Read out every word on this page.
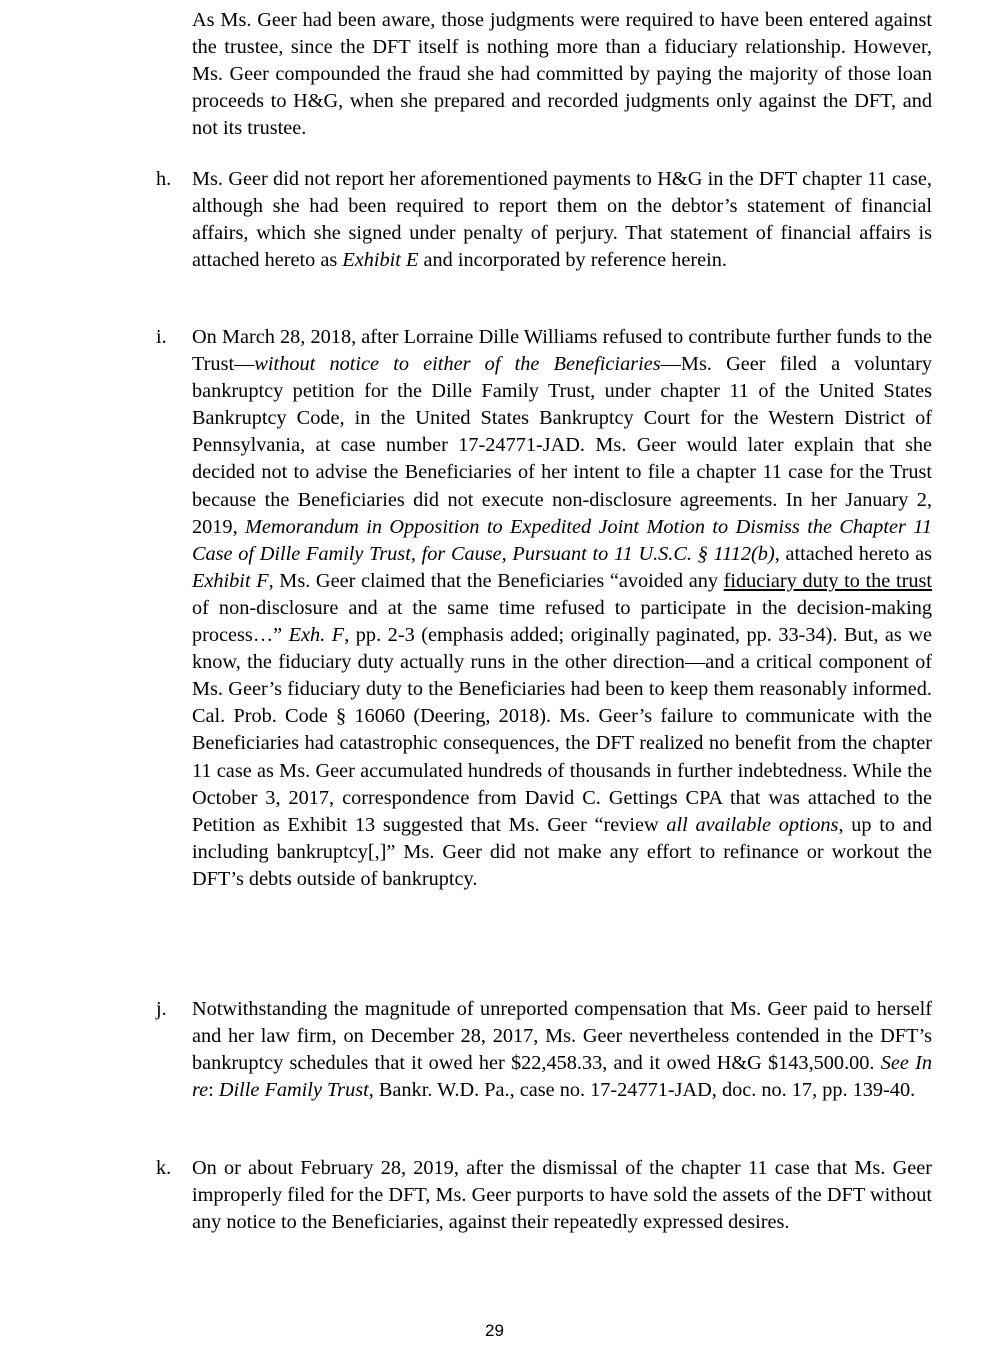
As Ms. Geer had been aware, those judgments were required to have been entered against the trustee, since the DFT itself is nothing more than a fiduciary relationship. However, Ms. Geer compounded the fraud she had committed by paying the majority of those loan proceeds to H&G, when she prepared and recorded judgments only against the DFT, and not its trustee.
h. Ms. Geer did not report her aforementioned payments to H&G in the DFT chapter 11 case, although she had been required to report them on the debtor’s statement of financial affairs, which she signed under penalty of perjury. That statement of financial affairs is attached hereto as Exhibit E and incorporated by reference herein.
i. On March 28, 2018, after Lorraine Dille Williams refused to contribute further funds to the Trust—without notice to either of the Beneficiaries—Ms. Geer filed a voluntary bankruptcy petition for the Dille Family Trust, under chapter 11 of the United States Bankruptcy Code, in the United States Bankruptcy Court for the Western District of Pennsylvania, at case number 17-24771-JAD. Ms. Geer would later explain that she decided not to advise the Beneficiaries of her intent to file a chapter 11 case for the Trust because the Beneficiaries did not execute non-disclosure agreements. In her January 2, 2019, Memorandum in Opposition to Expedited Joint Motion to Dismiss the Chapter 11 Case of Dille Family Trust, for Cause, Pursuant to 11 U.S.C. § 1112(b), attached hereto as Exhibit F, Ms. Geer claimed that the Beneficiaries “avoided any fiduciary duty to the trust of non-disclosure and at the same time refused to participate in the decision-making process…” Exh. F, pp. 2-3 (emphasis added; originally paginated, pp. 33-34). But, as we know, the fiduciary duty actually runs in the other direction—and a critical component of Ms. Geer’s fiduciary duty to the Beneficiaries had been to keep them reasonably informed. Cal. Prob. Code § 16060 (Deering, 2018). Ms. Geer’s failure to communicate with the Beneficiaries had catastrophic consequences, the DFT realized no benefit from the chapter 11 case as Ms. Geer accumulated hundreds of thousands in further indebtedness. While the October 3, 2017, correspondence from David C. Gettings CPA that was attached to the Petition as Exhibit 13 suggested that Ms. Geer “review all available options, up to and including bankruptcy[,]” Ms. Geer did not make any effort to refinance or workout the DFT’s debts outside of bankruptcy.
j. Notwithstanding the magnitude of unreported compensation that Ms. Geer paid to herself and her law firm, on December 28, 2017, Ms. Geer nevertheless contended in the DFT’s bankruptcy schedules that it owed her $22,458.33, and it owed H&G $143,500.00. See In re: Dille Family Trust, Bankr. W.D. Pa., case no. 17-24771-JAD, doc. no. 17, pp. 139-40.
k. On or about February 28, 2019, after the dismissal of the chapter 11 case that Ms. Geer improperly filed for the DFT, Ms. Geer purports to have sold the assets of the DFT without any notice to the Beneficiaries, against their repeatedly expressed desires.
29
